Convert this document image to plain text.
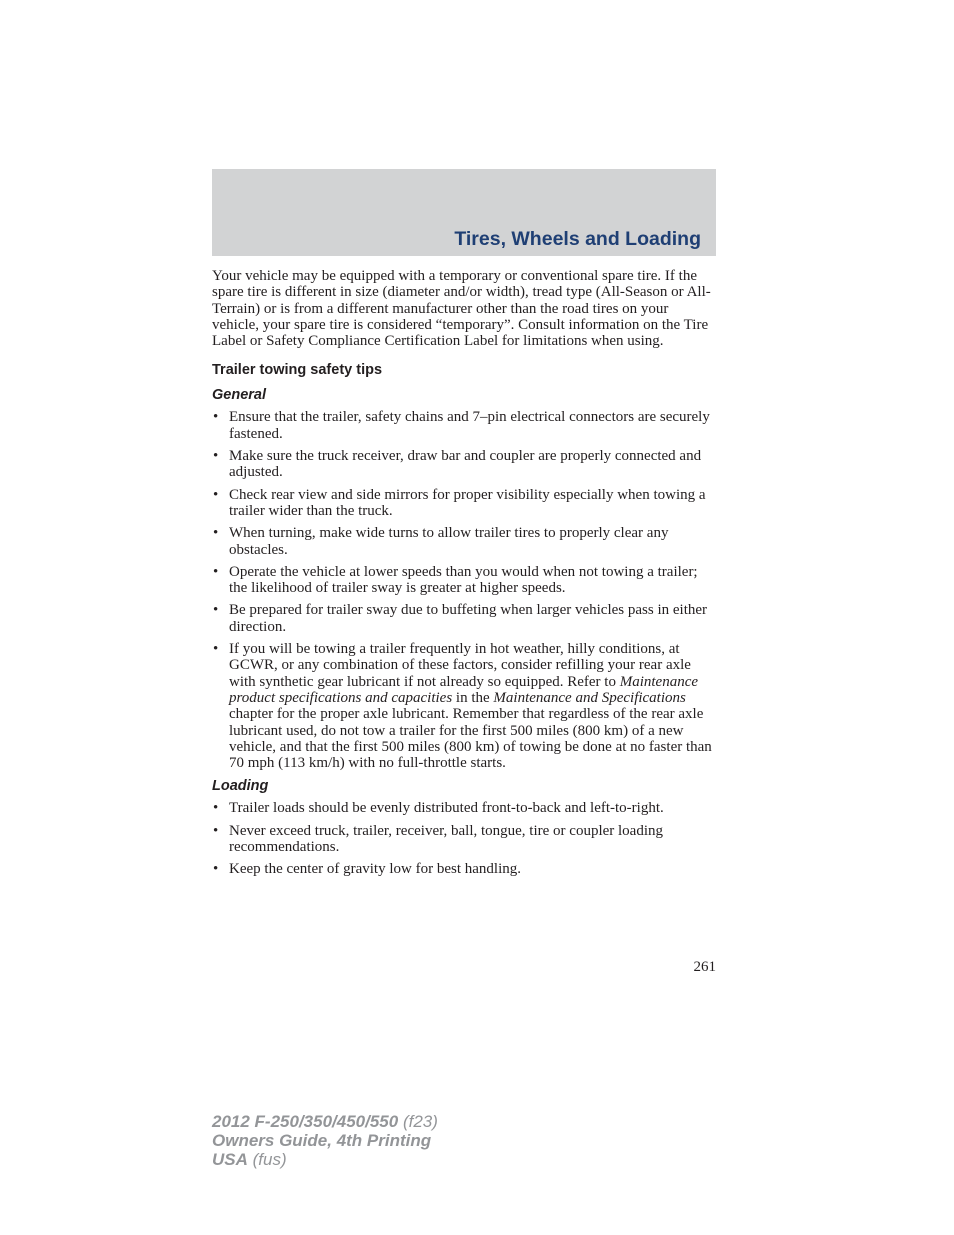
Tires, Wheels and Loading

Your vehicle may be equipped with a temporary or conventional spare tire. If the spare tire is different in size (diameter and/or width), tread type (All-Season or All-Terrain) or is from a different manufacturer other than the road tires on your vehicle, your spare tire is considered “temporary”. Consult information on the Tire Label or Safety Compliance Certification Label for limitations when using.

Trailer towing safety tips
General
• Ensure that the trailer, safety chains and 7–pin electrical connectors are securely fastened.
• Make sure the truck receiver, draw bar and coupler are properly connected and adjusted.
• Check rear view and side mirrors for proper visibility especially when towing a trailer wider than the truck.
• When turning, make wide turns to allow trailer tires to properly clear any obstacles.
• Operate the vehicle at lower speeds than you would when not towing a trailer; the likelihood of trailer sway is greater at higher speeds.
• Be prepared for trailer sway due to buffeting when larger vehicles pass in either direction.
• If you will be towing a trailer frequently in hot weather, hilly conditions, at GCWR, or any combination of these factors, consider refilling your rear axle with synthetic gear lubricant if not already so equipped. Refer to Maintenance product specifications and capacities in the Maintenance and Specifications chapter for the proper axle lubricant. Remember that regardless of the rear axle lubricant used, do not tow a trailer for the first 500 miles (800 km) of a new vehicle, and that the first 500 miles (800 km) of towing be done at no faster than 70 mph (113 km/h) with no full-throttle starts.
Loading
• Trailer loads should be evenly distributed front-to-back and left-to-right.
• Never exceed truck, trailer, receiver, ball, tongue, tire or coupler loading recommendations.
• Keep the center of gravity low for best handling.
261
2012 F-250/350/450/550 (f23)
Owners Guide, 4th Printing
USA (fus)
